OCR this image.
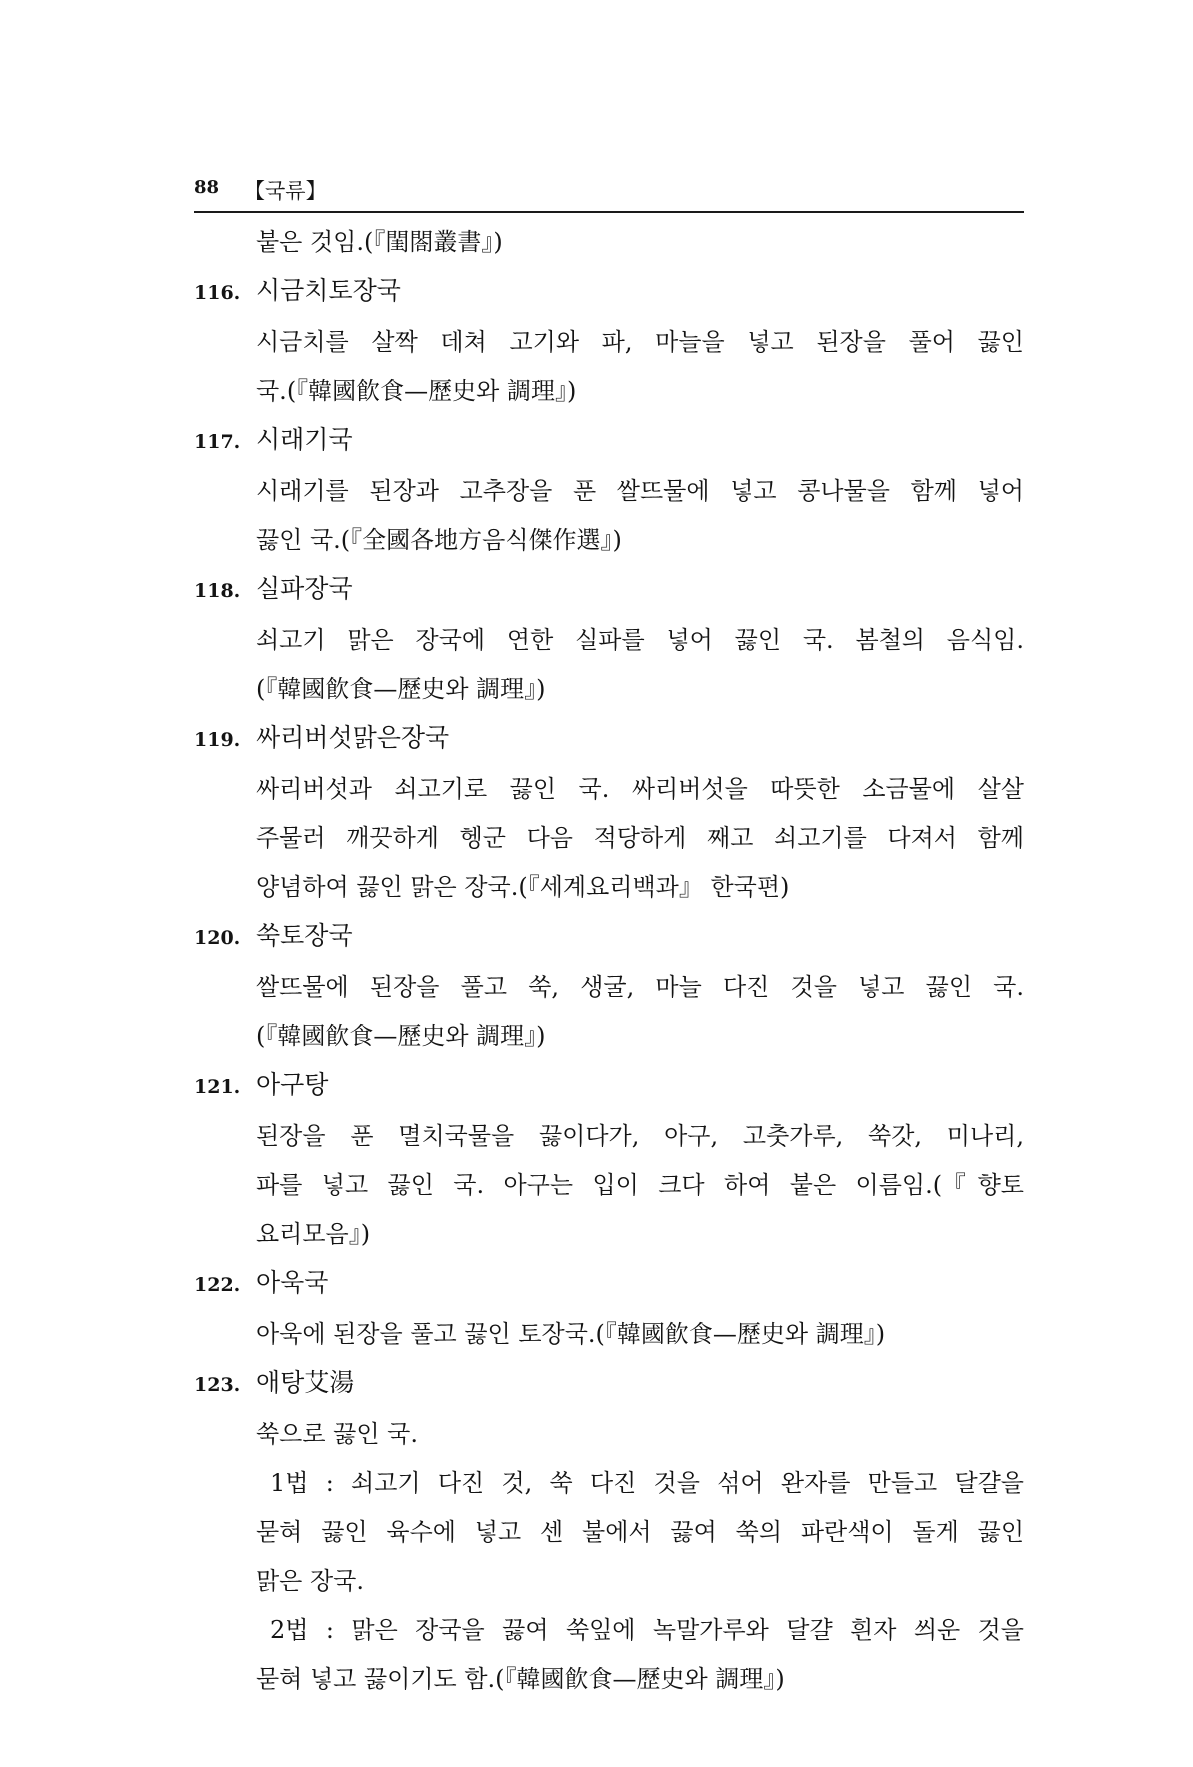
88 【국류】
붙은 것임.(『閨閤叢書』)
116. 시금치토장국
시금치를 살짝 데쳐 고기와 파, 마늘을 넣고 된장을 풀어 끓인
국.(『韓國飮食—歷史와 調理』)
117. 시래기국
시래기를 된장과 고추장을 푼 쌀뜨물에 넣고 콩나물을 함께 넣어
끓인 국.(『全國各地方음식傑作選』)
118. 실파장국
쇠고기 맑은 장국에 연한 실파를 넣어 끓인 국. 봄철의 음식임.
(『韓國飮食—歷史와 調理』)
119. 싸리버섯맑은장국
싸리버섯과 쇠고기로 끓인 국. 싸리버섯을 따뜻한 소금물에 살살
주물러 깨끗하게 헹군 다음 적당하게 째고 쇠고기를 다져서 함께
양념하여 끓인 맑은 장국.(『세계요리백과』 한국편)
120. 쑥토장국
쌀뜨물에 된장을 풀고 쑥, 생굴, 마늘 다진 것을 넣고 끓인 국.
(『韓國飮食—歷史와 調理』)
121. 아구탕
된장을 푼 멸치국물을 끓이다가, 아구, 고춧가루, 쑥갓, 미나리,
파를 넣고 끓인 국. 아구는 입이 크다 하여 붙은 이름임.(『향토
요리모음』)
122. 아욱국
아욱에 된장을 풀고 끓인 토장국.(『韓國飮食—歷史와 調理』)
123. 애탕艾湯
쑥으로 끓인 국.
1법 : 쇠고기 다진 것, 쑥 다진 것을 섞어 완자를 만들고 달걀을
묻혀 끓인 육수에 넣고 센 불에서 끓여 쑥의 파란색이 돌게 끓인
맑은 장국.
2법 : 맑은 장국을 끓여 쑥잎에 녹말가루와 달걀 흰자 씌운 것을
묻혀 넣고 끓이기도 함.(『韓國飮食—歷史와 調理』)
